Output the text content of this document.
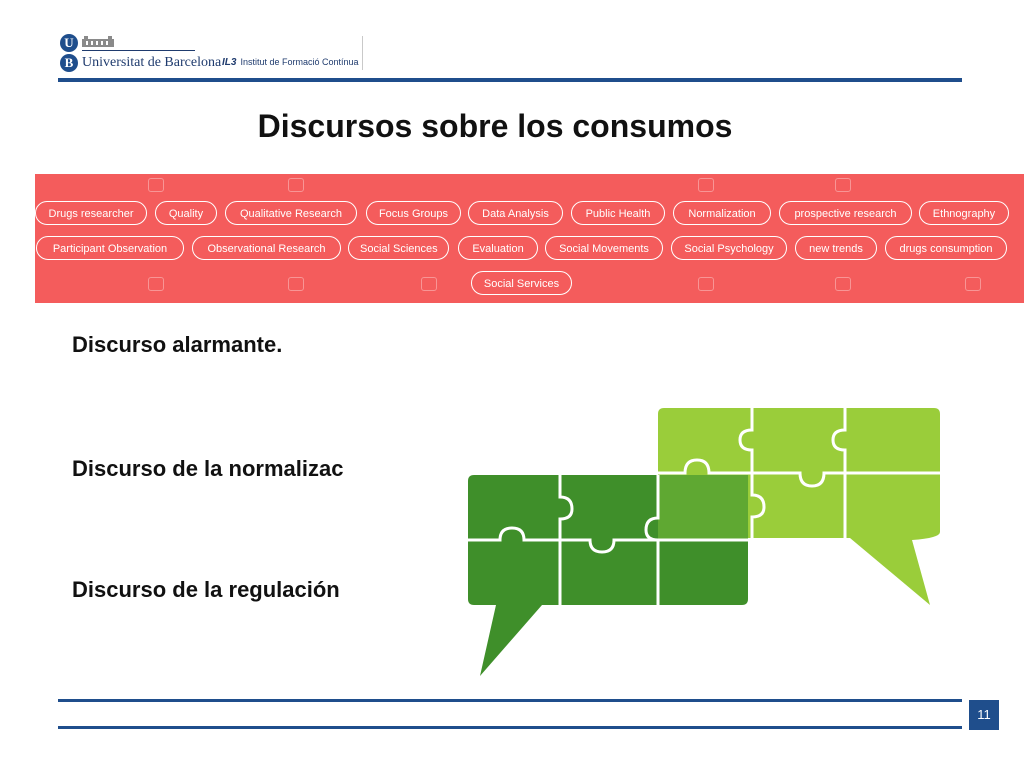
U
B Universitat de Barcelona IL3 Institut de Formació Contínua
Discursos sobre los consumos
Drugs researcher	Quality	Qualitative Research	Focus Groups	Data Analysis	Public Health	Normalization	prospective research	Ethnography
Participant Observation	Observational Research	Social Sciences	Evaluation	Social Movements	Social Psychology	new trends	drugs consumption
Social Services
Discurso alarmante.
Discurso de la normalizac
Discurso de la regulación
11
